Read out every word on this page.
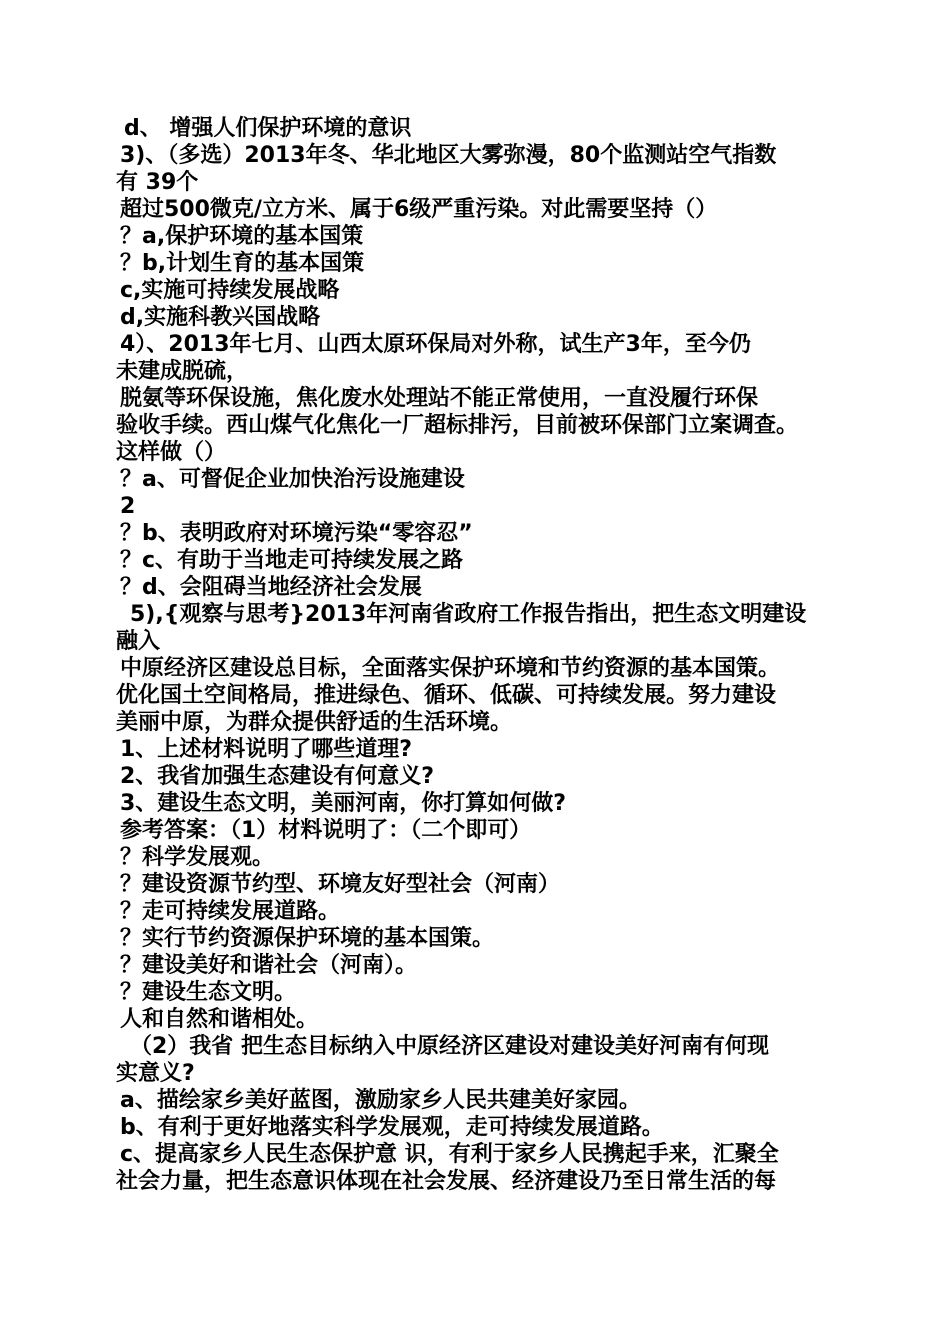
d、 增强人们保护环境的意识
3)、（多选）2013年冬、华北地区大雾弥漫，80个监测站空气指数
有 39个
超过500微克/立方米、属于6级严重污染。对此需要坚持（）
？a,保护环境的基本国策
？b,计划生育的基本国策
c,实施可持续发展战略
d,实施科教兴国战略
4）、2013年七月、山西太原环保局对外称，试生产3年，至今仍
未建成脱硫，
脱氨等环保设施，焦化废水处理站不能正常使用，一直没履行环保
验收手续。西山煤气化焦化一厂超标排污，目前被环保部门立案调查。
这样做（）
？a、可督促企业加快治污设施建设
2
？b、表明政府对环境污染“零容忍”
？c、有助于当地走可持续发展之路
？d、会阻碍当地经济社会发展
5),{观察与思考}2013年河南省政府工作报告指出，把生态文明建设
融入
中原经济区建设总目标，全面落实保护环境和节约资源的基本国策。
优化国土空间格局，推进绿色、循环、低碳、可持续发展。努力建设
美丽中原，为群众提供舒适的生活环境。
1、上述材料说明了哪些道理?
2、我省加强生态建设有何意义?
3、建设生态文明，美丽河南，你打算如何做?
参考答案：（1）材料说明了：（二个即可）
？科学发展观。
？建设资源节约型、环境友好型社会（河南）
？走可持续发展道路。
？实行节约资源保护环境的基本国策。
？建设美好和谐社会（河南）。
？建设生态文明。
人和自然和谐相处。
（2）我省 把生态目标纳入中原经济区建设对建设美好河南有何现
实意义?
a、描绘家乡美好蓝图，激励家乡人民共建美好家园。
b、有利于更好地落实科学发展观，走可持续发展道路。
c、提高家乡人民生态保护意 识，有利于家乡人民携起手来，汇聚全
社会力量，把生态意识体现在社会发展、经济建设乃至日常生活的每
